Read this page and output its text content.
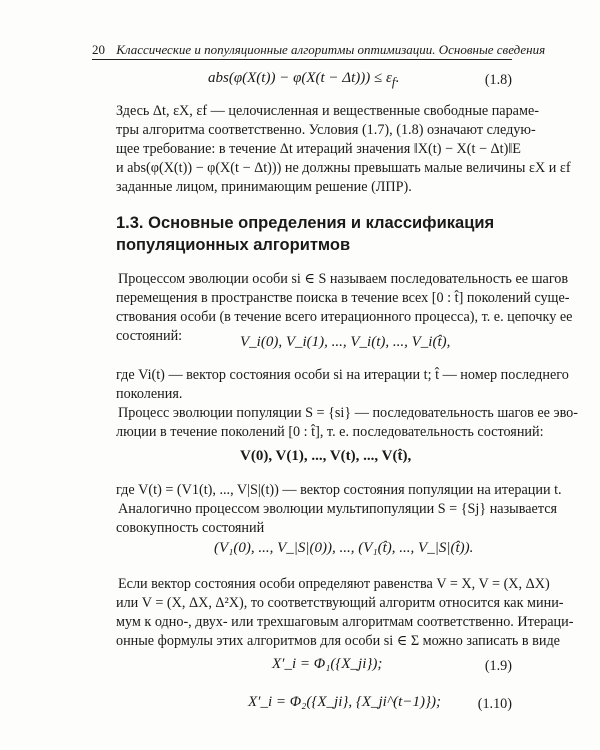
20 Классические и популяционные алгоритмы оптимизации. Основные сведения
$abs(\varphi(X(t)) - \varphi(X(t - \Delta t))) \le \varepsilon_f$.	(1.8)
Здесь Δt, εX, εf — целочисленная и вещественные свободные параме-
тры алгоритма соответственно. Условия (1.7), (1.8) означают следую-
щее требование: в течение Δt итераций значения ‖X(t) − X(t − Δt)‖E
и abs(φ(X(t)) − φ(X(t − Δt))) не должны превышать малые величины εX и εf
заданные лицом, принимающим решение (ЛПР).
1.3. Основные определения и классификация
популяционных алгоритмов
Процессом эволюции особи si ∈ S называем последовательность ее шагов
перемещения в пространстве поиска в течение всех [0 : t̂] поколений суще-
ствования особи (в течение всего итерационного процесса), т. е. цепочку ее
состояний:	V_i(0), V_i(1), ..., V_i(t), ..., V_i(t̂),
где Vi(t) — вектор состояния особи si на итерации t; t̂ — номер последнего
поколения.
Процесс эволюции популяции S = {si} — последовательность шагов ее эво-
люции в течение поколений [0 : t̂], т. е. последовательность состояний:
V(0), V(1), ..., V(t), ..., V(t̂),
где V(t) = (V1(t), ..., V|S|(t)) — вектор состояния популяции на итерации t.
Аналогично процессом эволюции мультипопуляции S = {Sj} называется
совокупность состояний
(V₁(0), ..., V_|S|(0)), ..., (V₁(t̂), ..., V_|S|(t̂)).
Если вектор состояния особи определяют равенства V = X, V = (X, ΔX)
или V = (X, ΔX, Δ²X), то соответствующий алгоритм относится как мини-
мум к одно-, двух- или трехшаговым алгоритмам соответственно. Итераци-
онные формулы этих алгоритмов для особи si ∈ Σ можно записать в виде
X′_i = Φ₁({X_ji});	(1.9)
X′_i = Φ₂({X_ji}, {X_ji^(t−1)});	(1.10)
